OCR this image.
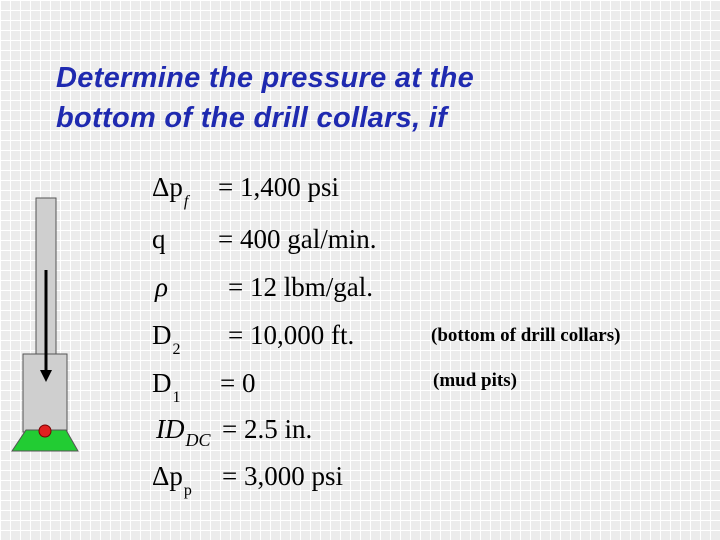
Determine the pressure at the
bottom of the drill collars, if
$\Delta p_f = 1,400$ psi
q = 400 gal/min.
ρ = 12 lbm/gal.
$D_2 = 10,000$ ft.	(bottom of drill collars)
$D_1 = 0$	(mud pits)
$ID_{DC} = 2.5$ in.
$\Delta p_p = 3,000$ psi
